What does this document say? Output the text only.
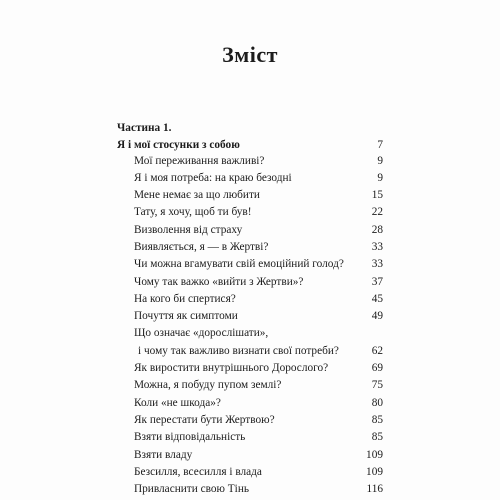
Зміст
Частина 1.
Я і мої стосунки з собою	7
Мої переживання важливі?	9
Я і моя потреба: на краю безодні	9
Мене немає за що любити	15
Тату, я хочу, щоб ти був!	22
Визволення від страху	28
Виявляється, я — в Жертві?	33
Чи можна вгамувати свій емоційний голод? 33
Чому так важко «вийти з Жертви»?	37
На кого би спертися?	45
Почуття як симптоми	49
Що означає «дорослішати»,
і чому так важливо визнати свої потреби?	62
Як виростити внутрішнього Дорослого?	69
Можна, я побуду пупом землі?	75
Коли «не шкода»?	80
Як перестати бути Жертвою?	85
Взяти відповідальність	85
Взяти владу	109
Безсилля, всесилля і влада	109
Привласнити свою Тінь	116
